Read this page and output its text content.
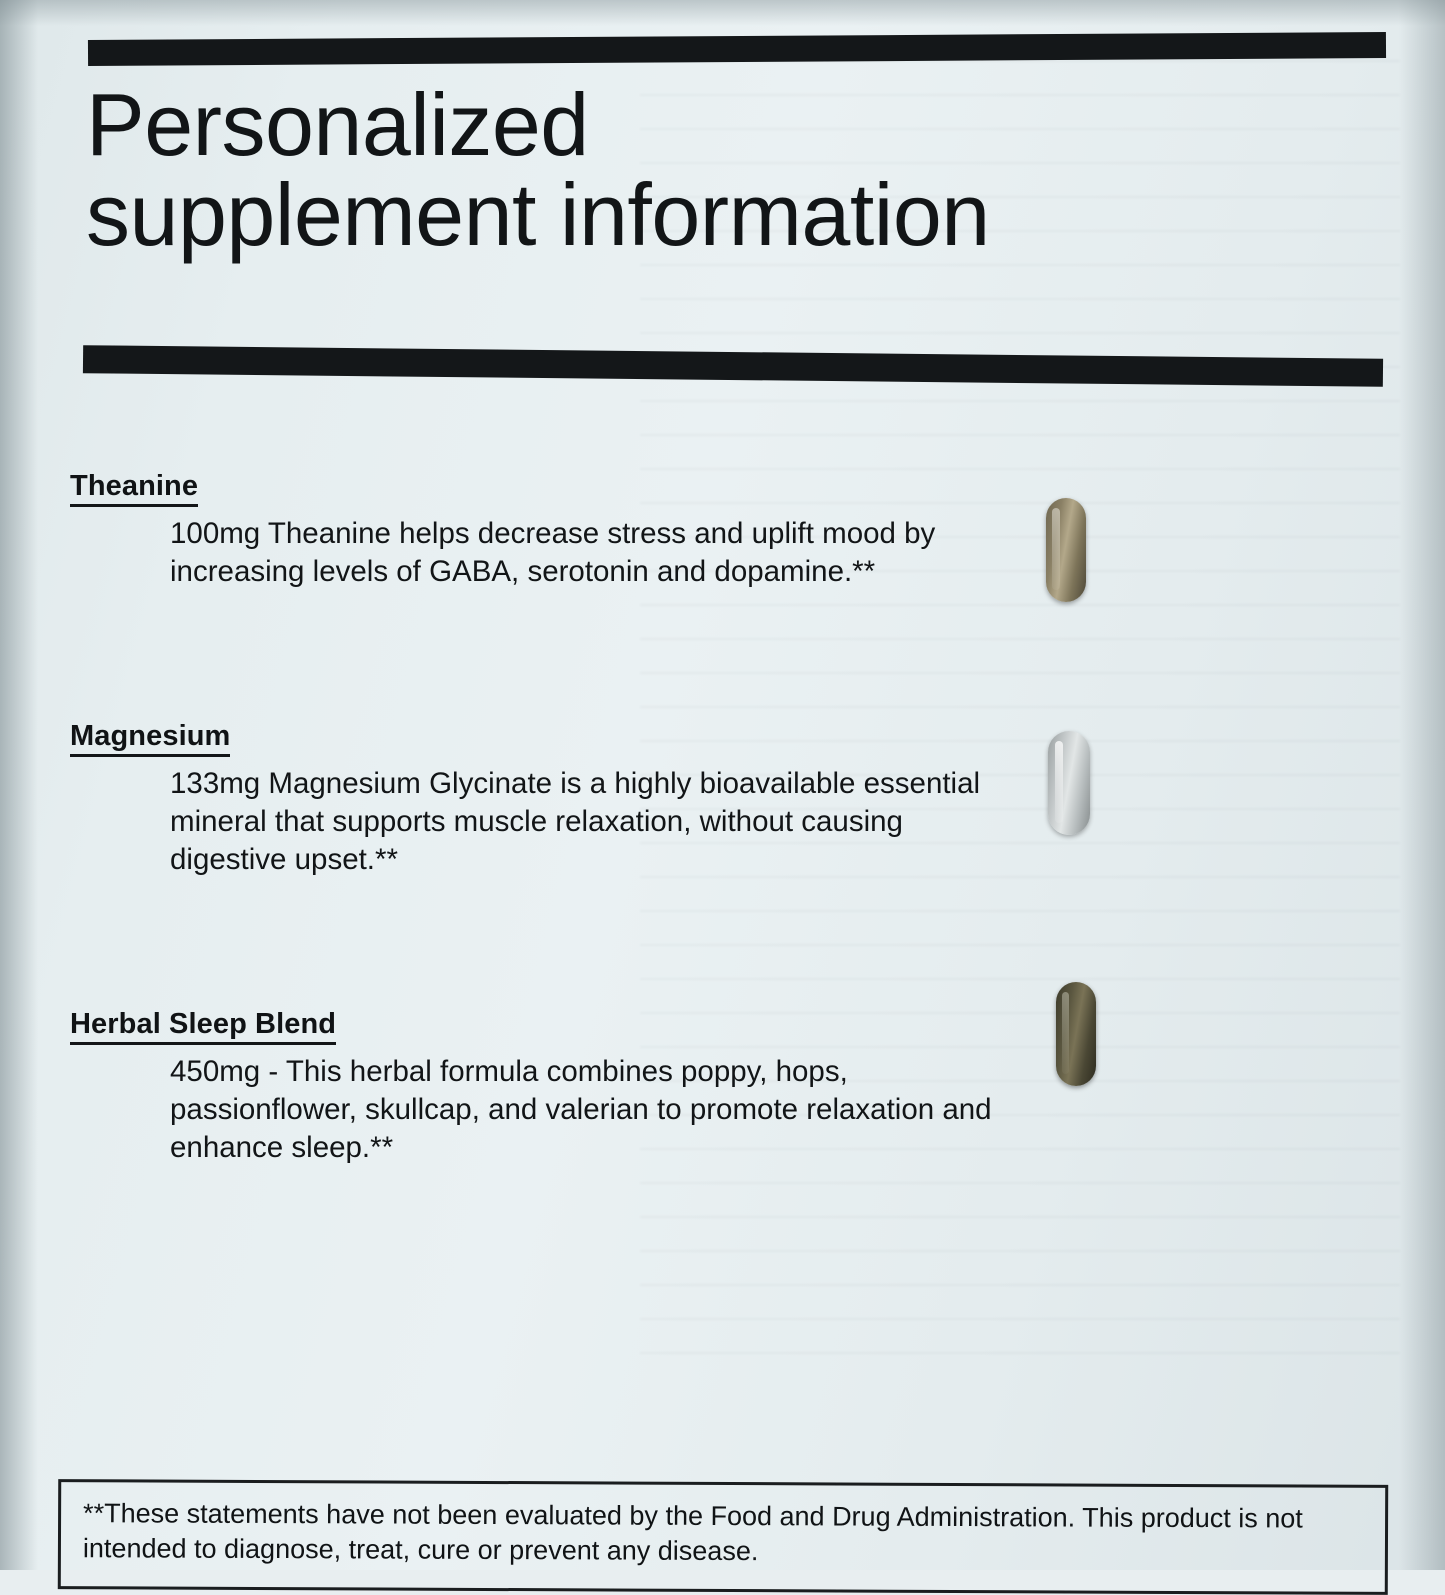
Personalized
supplement information
Theanine
100mg Theanine helps decrease stress and uplift mood by increasing levels of GABA, serotonin and dopamine.**
Magnesium
133mg Magnesium Glycinate is a highly bioavailable essential mineral that supports muscle relaxation, without causing digestive upset.**
Herbal Sleep Blend
450mg - This herbal formula combines poppy, hops, passionflower, skullcap, and valerian to promote relaxation and enhance sleep.**
**These statements have not been evaluated by the Food and Drug Administration. This product is not intended to diagnose, treat, cure or prevent any disease.
